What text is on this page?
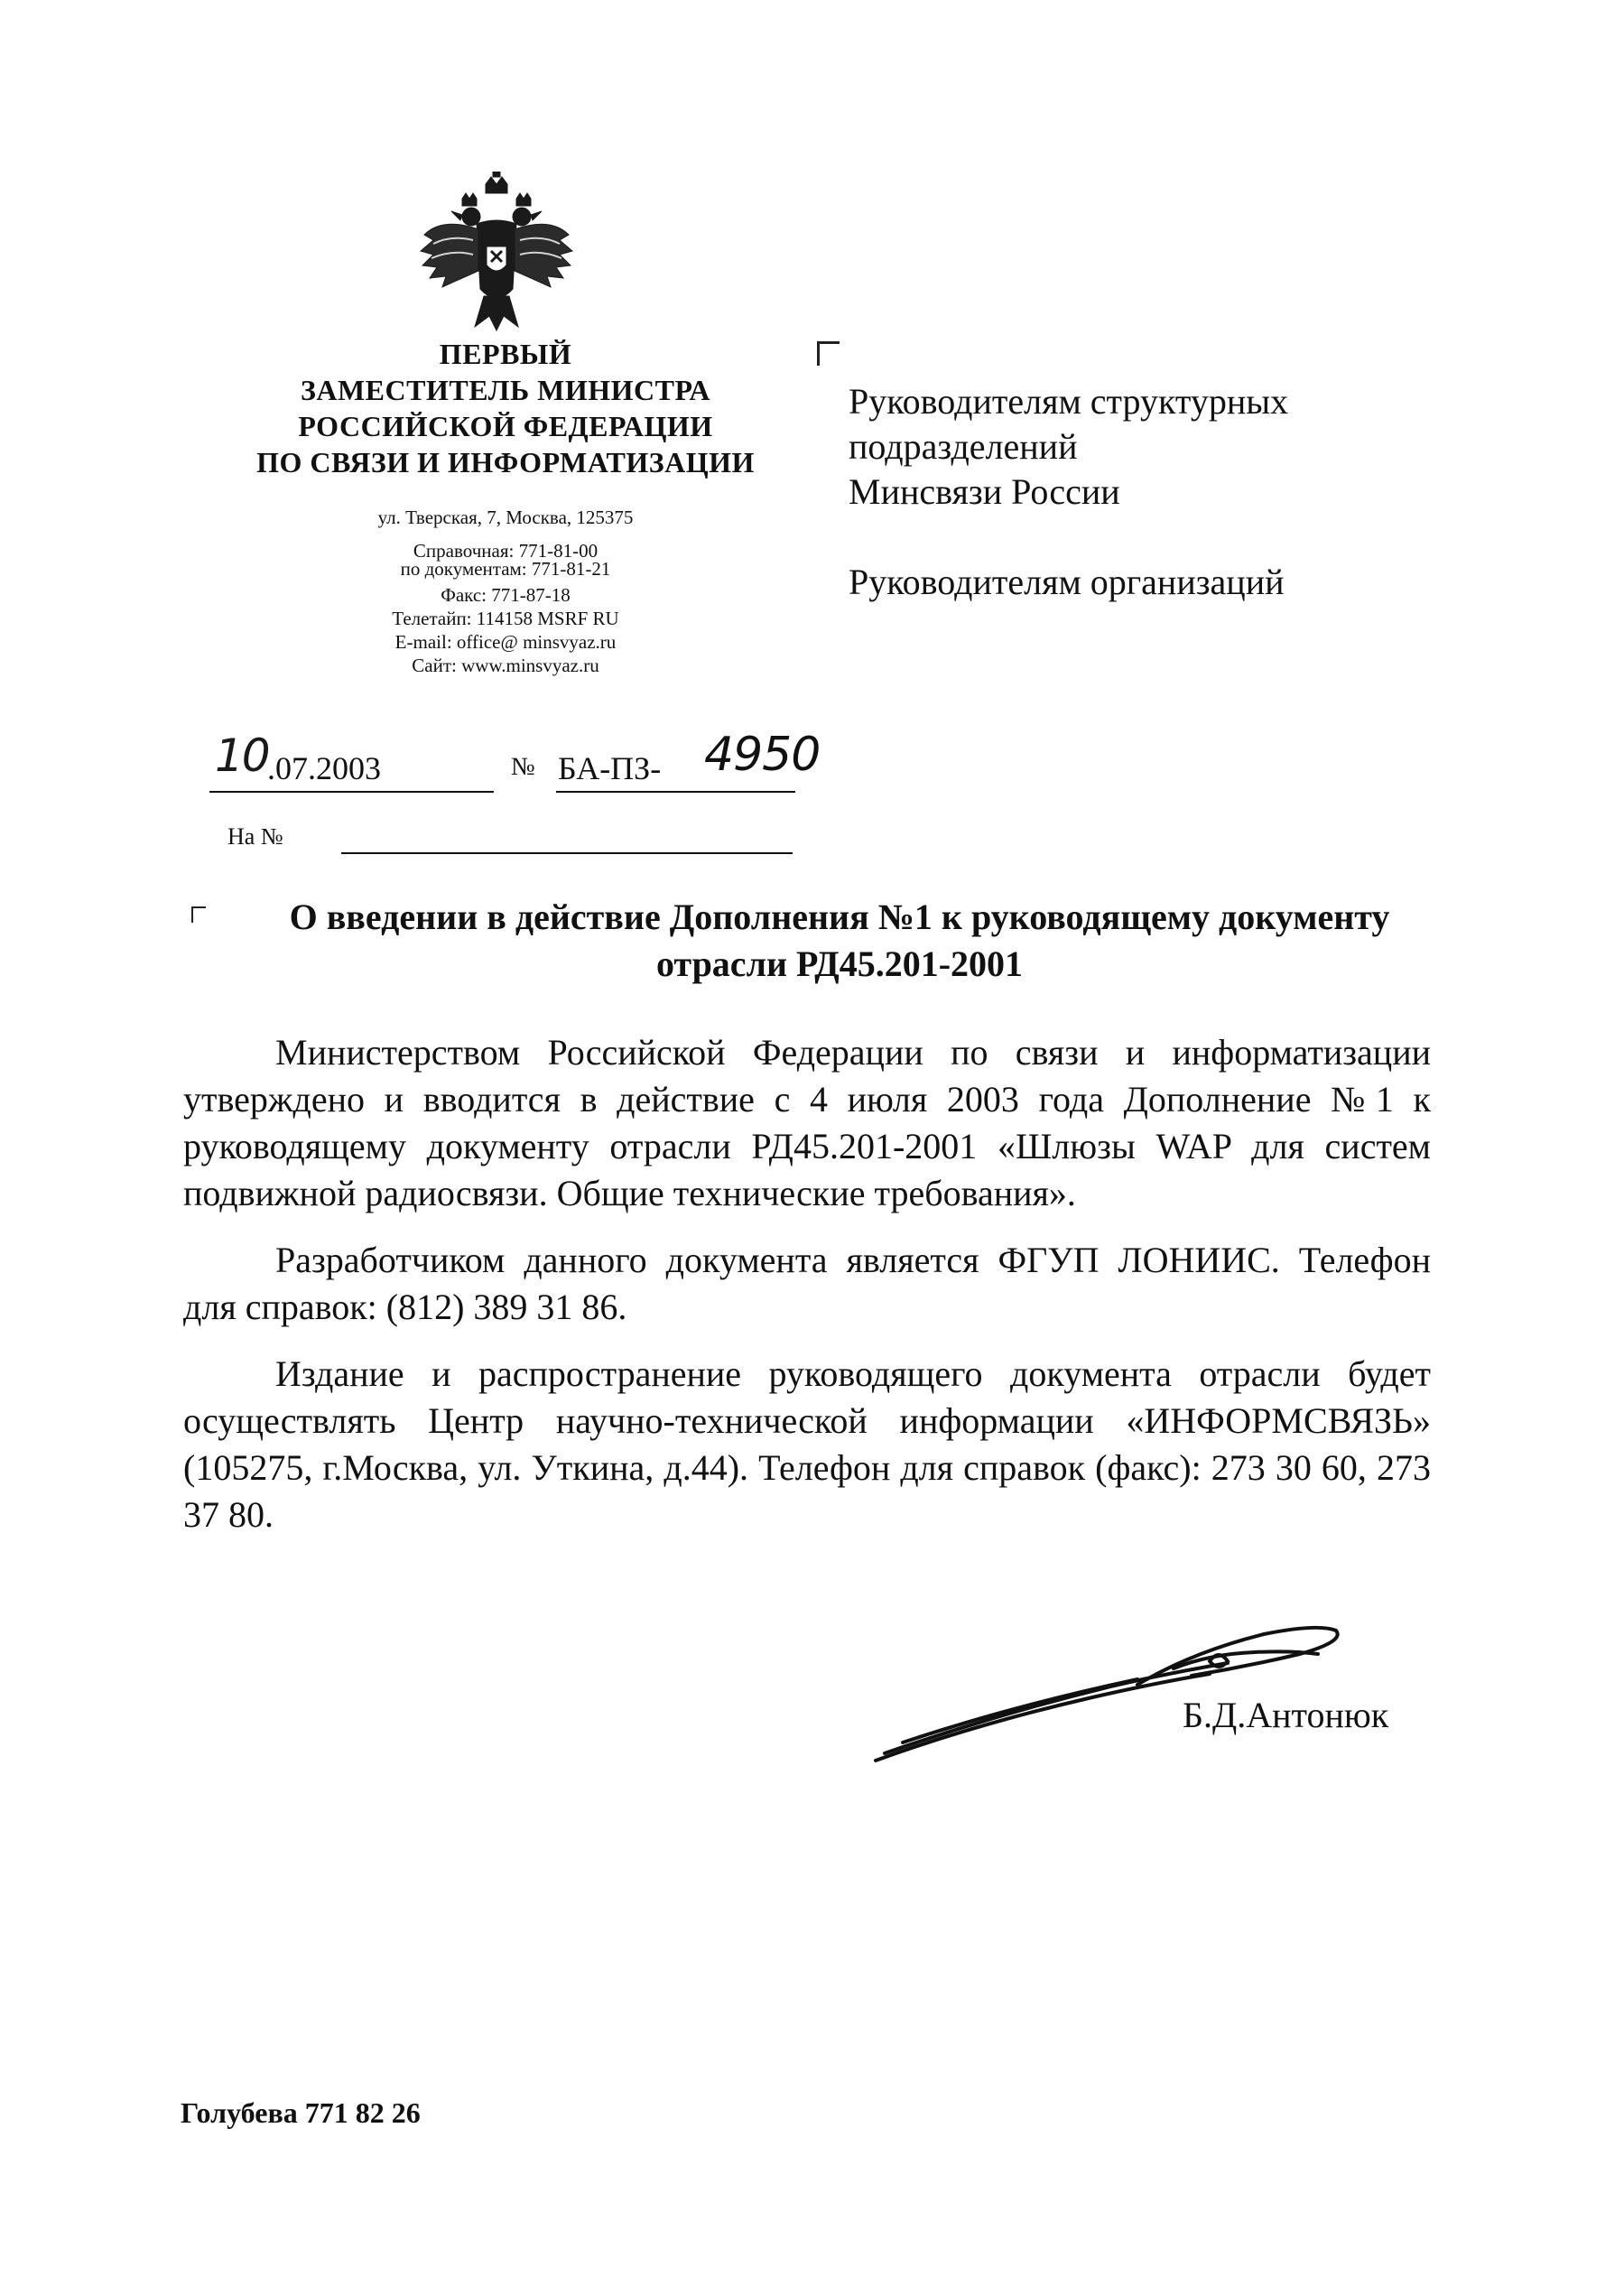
ПЕРВЫЙ
ЗАМЕСТИТЕЛЬ МИНИСТРА
РОССИЙСКОЙ ФЕДЕРАЦИИ
ПО СВЯЗИ И ИНФОРМАТИЗАЦИИ
ул. Тверская, 7, Москва, 125375
Справочная: 771-81-00
по документам: 771-81-21
Факс: 771-87-18
Телетайп: 114158 MSRF RU
E-mail: office@ minsvyaz.ru
Сайт: www.minsvyaz.ru
Руководителям структурных
подразделений
Минсвязи России
Руководителям организаций
10
.07.2003	№ БА-ПЗ- 4950
На №
О введении в действие Дополнения №1 к руководящему документу
отрасли РД45.201-2001

Министерством Российской Федерации по связи и информатизации утверждено и вводится в действие с 4 июля 2003 года Дополнение №1 к руководящему документу отрасли РД45.201-2001 «Шлюзы WAP для систем подвижной радиосвязи. Общие технические требования».

Разработчиком данного документа является ФГУП ЛОНИИС. Телефон для справок: (812) 389 31 86.

Издание и распространение руководящего документа отрасли будет осуществлять Центр научно-технической информации «ИНФОРМСВЯЗЬ» (105275, г.Москва, ул. Уткина, д.44). Телефон для справок (факс): 273 30 60, 273 37 80.

Б.Д.Антонюк
Голубева 771 82 26
